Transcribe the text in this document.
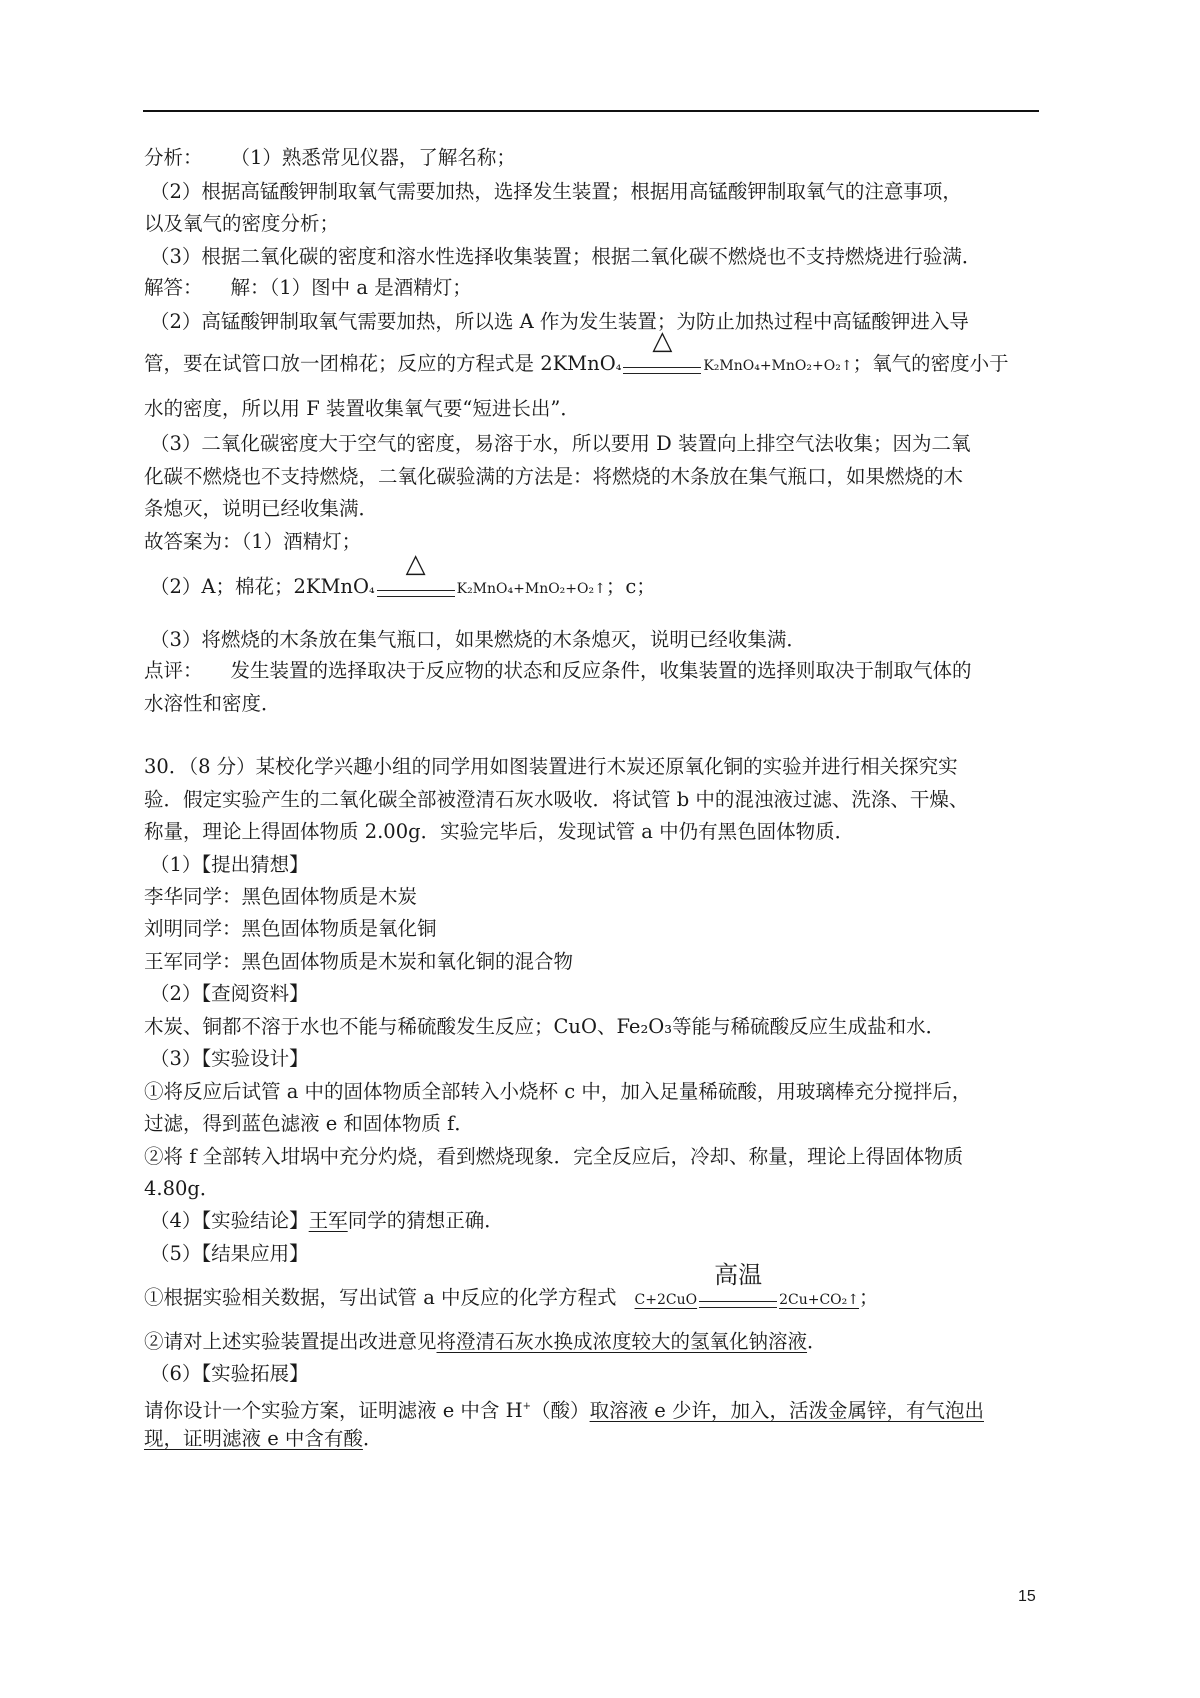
分析： （1）熟悉常见仪器，了解名称；
（2）根据高锰酸钾制取氧气需要加热，选择发生装置；根据用高锰酸钾制取氧气的注意事项，
以及氧气的密度分析；
（3）根据二氧化碳的密度和溶水性选择收集装置；根据二氧化碳不燃烧也不支持燃烧进行验满．
解答： 解：（1）图中 a 是酒精灯；
（2）高锰酸钾制取氧气需要加热，所以选 A 作为发生装置；为防止加热过程中高锰酸钾进入导
管，要在试管口放一团棉花；反应的方程式是 2KMnO₄
△
K₂MnO₄+MnO₂+O₂↑；氧气的密度小于
水的密度，所以用 F 装置收集氧气要“短进长出”．
（3）二氧化碳密度大于空气的密度，易溶于水，所以要用 D 装置向上排空气法收集；因为二氧
化碳不燃烧也不支持燃烧，二氧化碳验满的方法是：将燃烧的木条放在集气瓶口，如果燃烧的木
条熄灭，说明已经收集满．
故答案为：（1）酒精灯；
（2）A；棉花；2KMnO₄
△
K₂MnO₄+MnO₂+O₂↑；c；
（3）将燃烧的木条放在集气瓶口，如果燃烧的木条熄灭，说明已经收集满．
点评： 发生装置的选择取决于反应物的状态和反应条件，收集装置的选择则取决于制取气体的
水溶性和密度．
30．（8 分）某校化学兴趣小组的同学用如图装置进行木炭还原氧化铜的实验并进行相关探究实
验．假定实验产生的二氧化碳全部被澄清石灰水吸收．将试管 b 中的混浊液过滤、洗涤、干燥、
称量，理论上得固体物质 2.00g．实验完毕后，发现试管 a 中仍有黑色固体物质．
（1）【提出猜想】
李华同学：黑色固体物质是木炭
刘明同学：黑色固体物质是氧化铜
王军同学：黑色固体物质是木炭和氧化铜的混合物
（2）【查阅资料】
木炭、铜都不溶于水也不能与稀硫酸发生反应；CuO、Fe₂O₃等能与稀硫酸反应生成盐和水．
（3）【实验设计】
①将反应后试管 a 中的固体物质全部转入小烧杯 c 中，加入足量稀硫酸，用玻璃棒充分搅拌后，
过滤，得到蓝色滤液 e 和固体物质 f．
②将 f 全部转入坩埚中充分灼烧，看到燃烧现象．完全反应后，冷却、称量，理论上得固体物质
4.80g．
（4）【实验结论】王军同学的猜想正确．
（5）【结果应用】
①根据实验相关数据，写出试管 a 中反应的化学方程式 C+2CuO
高温
2Cu+CO₂↑；
②请对上述实验装置提出改进意见将澄清石灰水换成浓度较大的氢氧化钠溶液．
（6）【实验拓展】
请你设计一个实验方案，证明滤液 e 中含 H+（酸）取溶液 e 少许，加入，活泼金属锌，有气泡出
现，证明滤液 e 中含有酸．
15
